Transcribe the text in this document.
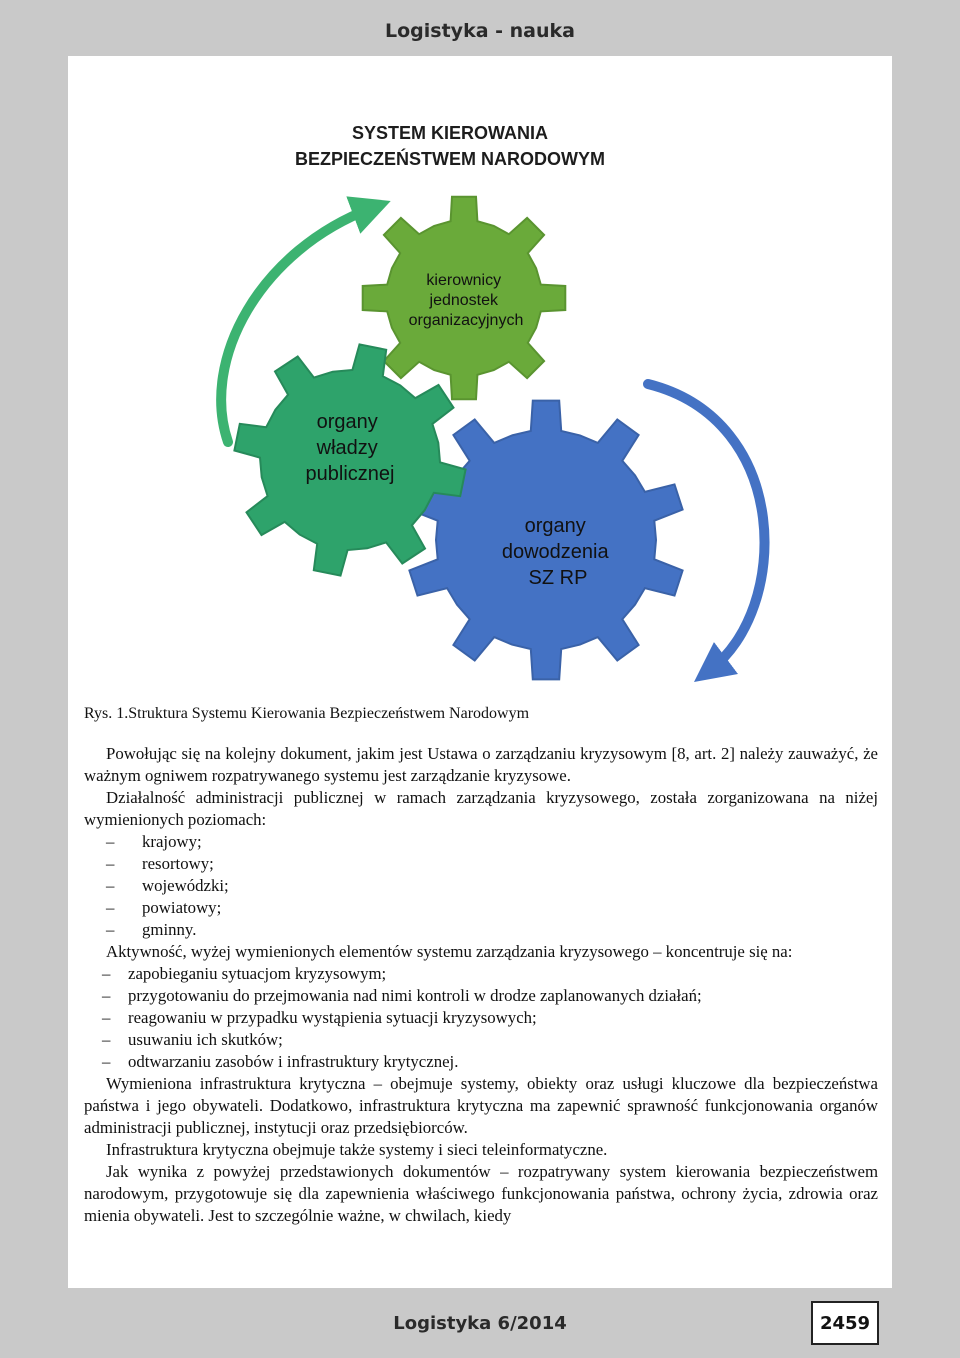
Logistyka - nauka
SYSTEM KIEROWANIA
BEZPIECZEŃSTWEM NARODOWYM
kierownicy jednostek organizacyjnych
organy władzy publicznej
organy dowodzenia SZ RP
Rys. 1.Struktura Systemu Kierowania Bezpieczeństwem Narodowym

Powołując się na kolejny dokument, jakim jest Ustawa o zarządzaniu kryzysowym [8, art. 2] należy zauważyć, że ważnym ogniwem rozpatrywanego systemu jest zarządzanie kryzysowe.

Działalność administracji publicznej w ramach zarządzania kryzysowego, została zorganizowana na niżej wymienionych poziomach:

– krajowy;
– resortowy;
– wojewódzki;
– powiatowy;
– gminny.

Aktywność, wyżej wymienionych elementów systemu zarządzania kryzysowego – koncentruje się na:

– zapobieganiu sytuacjom kryzysowym;
– przygotowaniu do przejmowania nad nimi kontroli w drodze zaplanowanych działań;
– reagowaniu w przypadku wystąpienia sytuacji kryzysowych;
– usuwaniu ich skutków;
– odtwarzaniu zasobów i infrastruktury krytycznej.

Wymieniona infrastruktura krytyczna – obejmuje systemy, obiekty oraz usługi kluczowe dla bezpieczeństwa państwa i jego obywateli. Dodatkowo, infrastruktura krytyczna ma zapewnić sprawność funkcjonowania organów administracji publicznej, instytucji oraz przedsiębiorców.

Infrastruktura krytyczna obejmuje także systemy i sieci teleinformatyczne.

Jak wynika z powyżej przedstawionych dokumentów – rozpatrywany system kierowania bezpieczeństwem narodowym, przygotowuje się dla zapewnienia właściwego funkcjonowania państwa, ochrony życia, zdrowia oraz mienia obywateli. Jest to szczególnie ważne, w chwilach, kiedy

Logistyka 6/2014	2459
